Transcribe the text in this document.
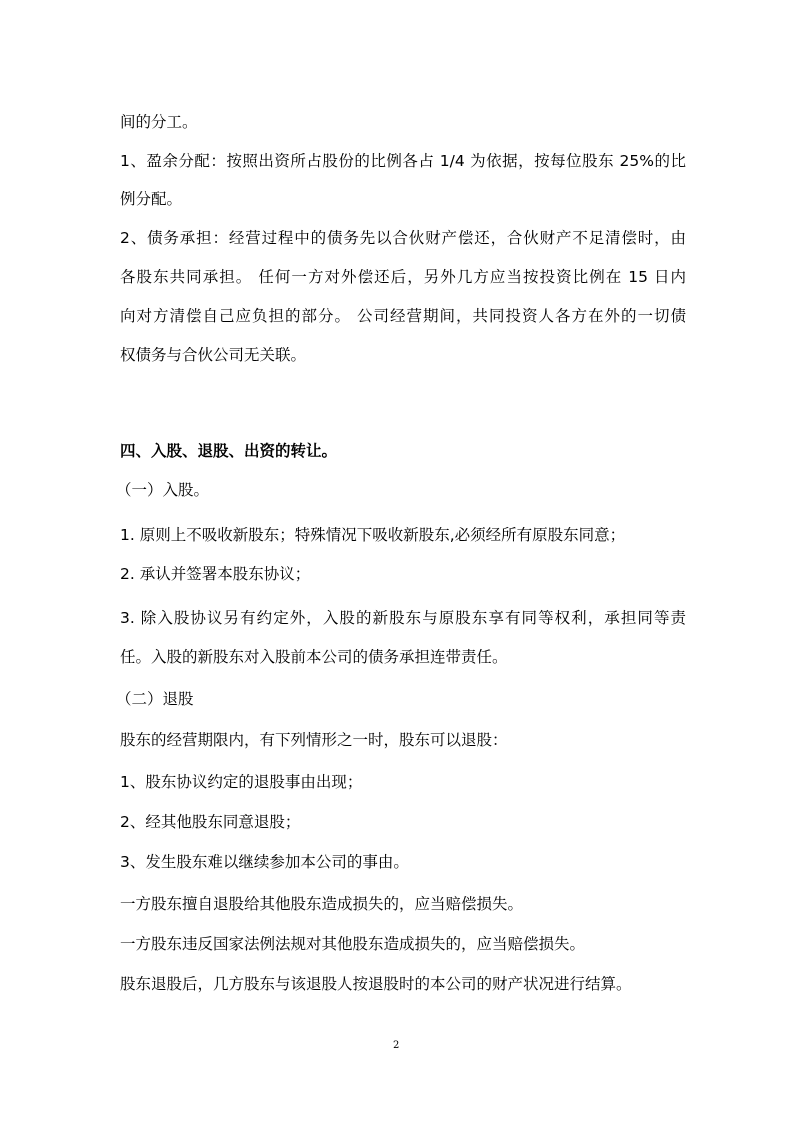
间的分工。
1、盈余分配：按照出资所占股份的比例各占 1/4 为依据，按每位股东 25%的比
例分配。
2、债务承担：经营过程中的债务先以合伙财产偿还，合伙财产不足清偿时，由
各股东共同承担。 任何一方对外偿还后，另外几方应当按投资比例在 15 日内
向对方清偿自己应负担的部分。 公司经营期间，共同投资人各方在外的一切债
权债务与合伙公司无关联。
四、入股、退股、出资的转让。
（一）入股。
1. 原则上不吸收新股东；特殊情况下吸收新股东,必须经所有原股东同意；
2. 承认并签署本股东协议；
3. 除入股协议另有约定外，入股的新股东与原股东享有同等权利，承担同等责
任。入股的新股东对入股前本公司的债务承担连带责任。
（二）退股
股东的经营期限内，有下列情形之一时，股东可以退股：
1、股东协议约定的退股事由出现；
2、经其他股东同意退股；
3、发生股东难以继续参加本公司的事由。
一方股东擅自退股给其他股东造成损失的，应当赔偿损失。
一方股东违反国家法例法规对其他股东造成损失的，应当赔偿损失。
股东退股后，几方股东与该退股人按退股时的本公司的财产状况进行结算。
2
